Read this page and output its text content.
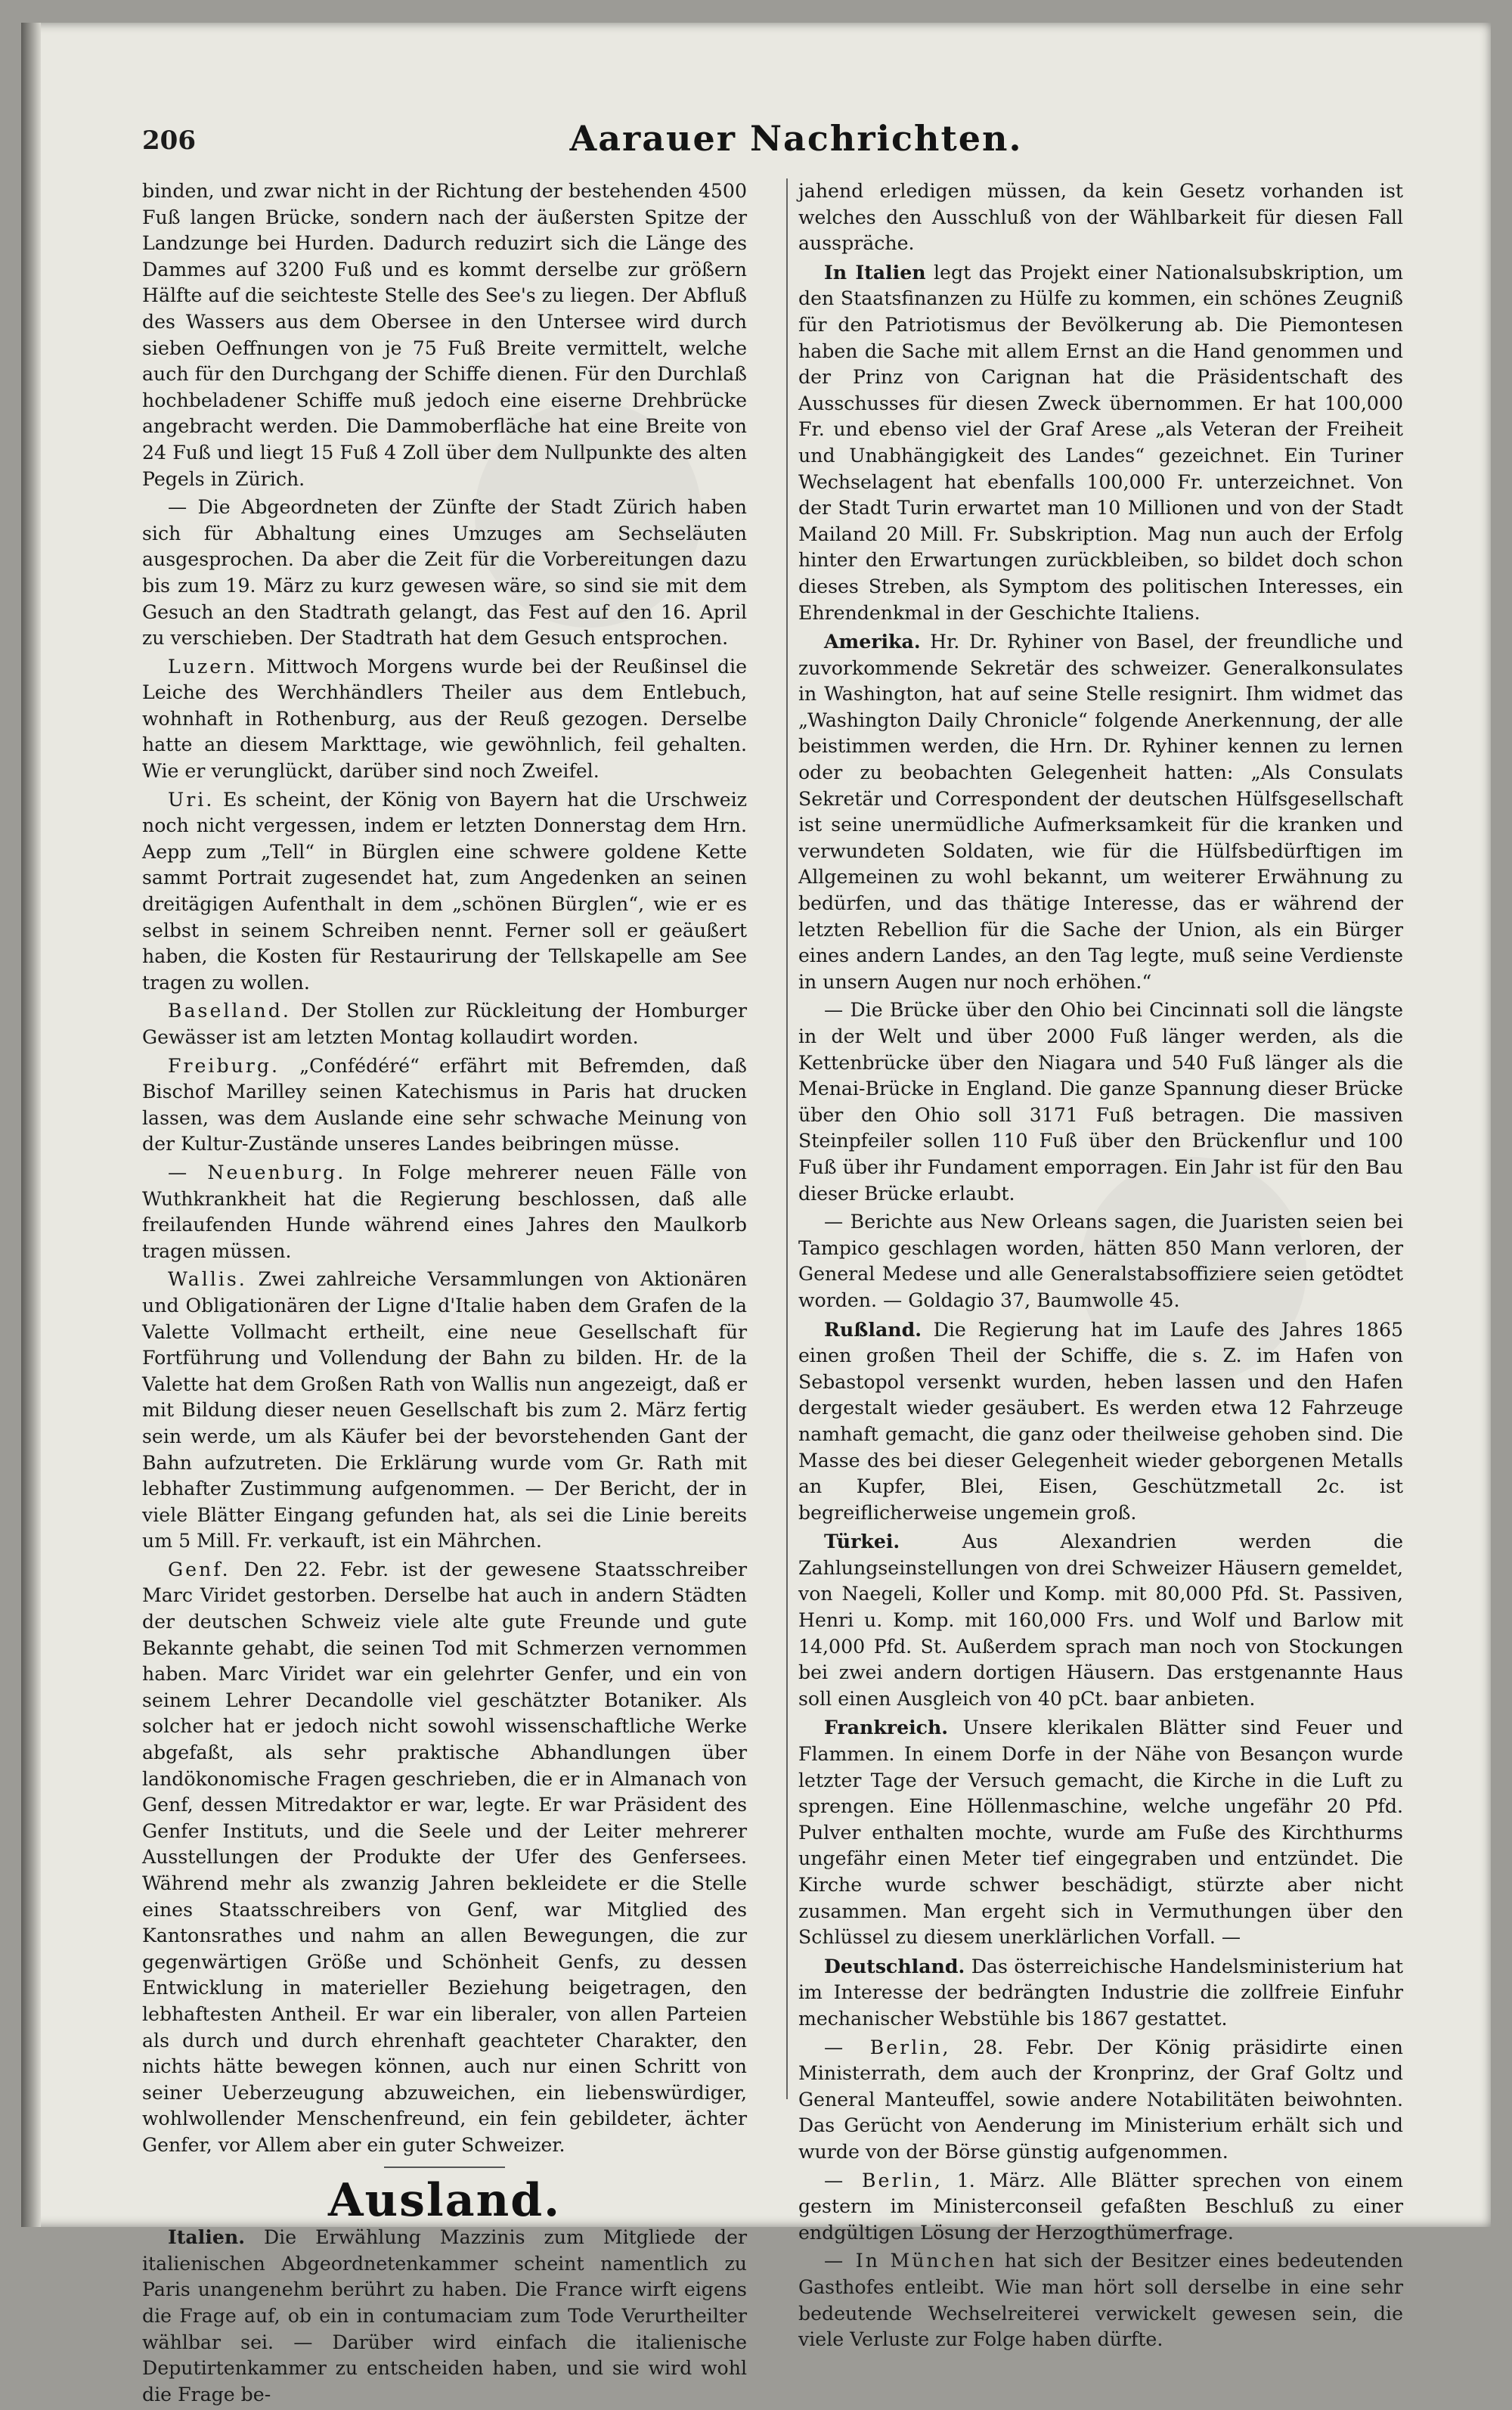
206	Aarauer Nachrichten.

binden, und zwar nicht in der Richtung der bestehenden 4500 Fuß langen Brücke, sondern nach der äußersten Spitze der Landzunge bei Hurden. Dadurch reduzirt sich die Länge des Dammes auf 3200 Fuß und es kommt derselbe zur größern Hälfte auf die seichteste Stelle des See's zu liegen. Der Abfluß des Wassers aus dem Obersee in den Untersee wird durch sieben Oeffnungen von je 75 Fuß Breite vermittelt, welche auch für den Durchgang der Schiffe dienen. Für den Durchlaß hochbeladener Schiffe muß jedoch eine eiserne Drehbrücke angebracht werden. Die Dammoberfläche hat eine Breite von 24 Fuß und liegt 15 Fuß 4 Zoll über dem Nullpunkte des alten Pegels in Zürich.

— Die Abgeordneten der Zünfte der Stadt Zürich haben sich für Abhaltung eines Umzuges am Sechseläuten ausgesprochen. Da aber die Zeit für die Vorbereitungen dazu bis zum 19. März zu kurz gewesen wäre, so sind sie mit dem Gesuch an den Stadtrath gelangt, das Fest auf den 16. April zu verschieben. Der Stadtrath hat dem Gesuch entsprochen.

Luzern. Mittwoch Morgens wurde bei der Reußinsel die Leiche des Werchhändlers Theiler aus dem Entlebuch, wohnhaft in Rothenburg, aus der Reuß gezogen. Derselbe hatte an diesem Markttage, wie gewöhnlich, feil gehalten. Wie er verunglückt, darüber sind noch Zweifel.

Uri. Es scheint, der König von Bayern hat die Urschweiz noch nicht vergessen, indem er letzten Donnerstag dem Hrn. Aepp zum „Tell“ in Bürglen eine schwere goldene Kette sammt Portrait zugesendet hat, zum Angedenken an seinen dreitägigen Aufenthalt in dem „schönen Bürglen“, wie er es selbst in seinem Schreiben nennt. Ferner soll er geäußert haben, die Kosten für Restaurirung der Tellskapelle am See tragen zu wollen.

Baselland. Der Stollen zur Rückleitung der Homburger Gewässer ist am letzten Montag kollaudirt worden.

Freiburg. „Confédéré“ erfährt mit Befremden, daß Bischof Marilley seinen Katechismus in Paris hat drucken lassen, was dem Auslande eine sehr schwache Meinung von der Kultur-Zustände unseres Landes beibringen müsse.

— Neuenburg. In Folge mehrerer neuen Fälle von Wuthkrankheit hat die Regierung beschlossen, daß alle freilaufenden Hunde während eines Jahres den Maulkorb tragen müssen.

Wallis. Zwei zahlreiche Versammlungen von Aktionären und Obligationären der Ligne d'Italie haben dem Grafen de la Valette Vollmacht ertheilt, eine neue Gesellschaft für Fortführung und Vollendung der Bahn zu bilden. Hr. de la Valette hat dem Großen Rath von Wallis nun angezeigt, daß er mit Bildung dieser neuen Gesellschaft bis zum 2. März fertig sein werde, um als Käufer bei der bevorstehenden Gant der Bahn aufzutreten. Die Erklärung wurde vom Gr. Rath mit lebhafter Zustimmung aufgenommen. — Der Bericht, der in viele Blätter Eingang gefunden hat, als sei die Linie bereits um 5 Mill. Fr. verkauft, ist ein Mährchen.

Genf. Den 22. Febr. ist der gewesene Staatsschreiber Marc Viridet gestorben. Derselbe hat auch in andern Städten der deutschen Schweiz viele alte gute Freunde und gute Bekannte gehabt, die seinen Tod mit Schmerzen vernommen haben. Marc Viridet war ein gelehrter Genfer, und ein von seinem Lehrer Decandolle viel geschätzter Botaniker. Als solcher hat er jedoch nicht sowohl wissenschaftliche Werke abgefaßt, als sehr praktische Abhandlungen über landökonomische Fragen geschrieben, die er in Almanach von Genf, dessen Mitredaktor er war, legte. Er war Präsident des Genfer Instituts, und die Seele und der Leiter mehrerer Ausstellungen der Produkte der Ufer des Genfersees. Während mehr als zwanzig Jahren bekleidete er die Stelle eines Staatsschreibers von Genf, war Mitglied des Kantonsrathes und nahm an allen Bewegungen, die zur gegenwärtigen Größe und Schönheit Genfs, zu dessen Entwicklung in materieller Beziehung beigetragen, den lebhaftesten Antheil. Er war ein liberaler, von allen Parteien als durch und durch ehrenhaft geachteter Charakter, den nichts hätte bewegen können, auch nur einen Schritt von seiner Ueberzeugung abzuweichen, ein liebenswürdiger, wohlwollender Menschenfreund, ein fein gebildeter, ächter Genfer, vor Allem aber ein guter Schweizer.

Ausland.

Italien. Die Erwählung Mazzinis zum Mitgliede der italienischen Abgeordnetenkammer scheint namentlich zu Paris unangenehm berührt zu haben. Die France wirft eigens die Frage auf, ob ein in contumaciam zum Tode Verurtheilter wählbar sei. — Darüber wird einfach die italienische Deputirtenkammer zu entscheiden haben, und sie wird wohl die Frage be-

jahend erledigen müssen, da kein Gesetz vorhanden ist welches den Ausschluß von der Wählbarkeit für diesen Fall ausspräche.

In Italien legt das Projekt einer Nationalsubskription, um den Staatsfinanzen zu Hülfe zu kommen, ein schönes Zeugniß für den Patriotismus der Bevölkerung ab. Die Piemontesen haben die Sache mit allem Ernst an die Hand genommen und der Prinz von Carignan hat die Präsidentschaft des Ausschusses für diesen Zweck übernommen. Er hat 100,000 Fr. und ebenso viel der Graf Arese „als Veteran der Freiheit und Unabhängigkeit des Landes“ gezeichnet. Ein Turiner Wechselagent hat ebenfalls 100,000 Fr. unterzeichnet. Von der Stadt Turin erwartet man 10 Millionen und von der Stadt Mailand 20 Mill. Fr. Subskription. Mag nun auch der Erfolg hinter den Erwartungen zurückbleiben, so bildet doch schon dieses Streben, als Symptom des politischen Interesses, ein Ehrendenkmal in der Geschichte Italiens.

Amerika. Hr. Dr. Ryhiner von Basel, der freundliche und zuvorkommende Sekretär des schweizer. Generalkonsulates in Washington, hat auf seine Stelle resignirt. Ihm widmet das „Washington Daily Chronicle“ folgende Anerkennung, der alle beistimmen werden, die Hrn. Dr. Ryhiner kennen zu lernen oder zu beobachten Gelegenheit hatten: „Als Consulats Sekretär und Correspondent der deutschen Hülfsgesellschaft ist seine unermüdliche Aufmerksamkeit für die kranken und verwundeten Soldaten, wie für die Hülfsbedürftigen im Allgemeinen zu wohl bekannt, um weiterer Erwähnung zu bedürfen, und das thätige Interesse, das er während der letzten Rebellion für die Sache der Union, als ein Bürger eines andern Landes, an den Tag legte, muß seine Verdienste in unsern Augen nur noch erhöhen.“

— Die Brücke über den Ohio bei Cincinnati soll die längste in der Welt und über 2000 Fuß länger werden, als die Kettenbrücke über den Niagara und 540 Fuß länger als die Menai-Brücke in England. Die ganze Spannung dieser Brücke über den Ohio soll 3171 Fuß betragen. Die massiven Steinpfeiler sollen 110 Fuß über den Brückenflur und 100 Fuß über ihr Fundament emporragen. Ein Jahr ist für den Bau dieser Brücke erlaubt.

— Berichte aus New Orleans sagen, die Juaristen seien bei Tampico geschlagen worden, hätten 850 Mann verloren, der General Medese und alle Generalstabsoffiziere seien getödtet worden. — Goldagio 37, Baumwolle 45.

Rußland. Die Regierung hat im Laufe des Jahres 1865 einen großen Theil der Schiffe, die s. Z. im Hafen von Sebastopol versenkt wurden, heben lassen und den Hafen dergestalt wieder gesäubert. Es werden etwa 12 Fahrzeuge namhaft gemacht, die ganz oder theilweise gehoben sind. Die Masse des bei dieser Gelegenheit wieder geborgenen Metalls an Kupfer, Blei, Eisen, Geschützmetall 2c. ist begreiflicherweise ungemein groß.

Türkei. Aus Alexandrien werden die Zahlungseinstellungen von drei Schweizer Häusern gemeldet, von Naegeli, Koller und Komp. mit 80,000 Pfd. St. Passiven, Henri u. Komp. mit 160,000 Frs. und Wolf und Barlow mit 14,000 Pfd. St. Außerdem sprach man noch von Stockungen bei zwei andern dortigen Häusern. Das erstgenannte Haus soll einen Ausgleich von 40 pCt. baar anbieten.

Frankreich. Unsere klerikalen Blätter sind Feuer und Flammen. In einem Dorfe in der Nähe von Besançon wurde letzter Tage der Versuch gemacht, die Kirche in die Luft zu sprengen. Eine Höllenmaschine, welche ungefähr 20 Pfd. Pulver enthalten mochte, wurde am Fuße des Kirchthurms ungefähr einen Meter tief eingegraben und entzündet. Die Kirche wurde schwer beschädigt, stürzte aber nicht zusammen. Man ergeht sich in Vermuthungen über den Schlüssel zu diesem unerklärlichen Vorfall. —

Deutschland. Das österreichische Handelsministerium hat im Interesse der bedrängten Industrie die zollfreie Einfuhr mechanischer Webstühle bis 1867 gestattet.

— Berlin, 28. Febr. Der König präsidirte einen Ministerrath, dem auch der Kronprinz, der Graf Goltz und General Manteuffel, sowie andere Notabilitäten beiwohnten. Das Gerücht von Aenderung im Ministerium erhält sich und wurde von der Börse günstig aufgenommen.

— Berlin, 1. März. Alle Blätter sprechen von einem gestern im Ministerconseil gefaßten Beschluß zu einer endgültigen Lösung der Herzogthümerfrage.

— In München hat sich der Besitzer eines bedeutenden Gasthofes entleibt. Wie man hört soll derselbe in eine sehr bedeutende Wechselreiterei verwickelt gewesen sein, die viele Verluste zur Folge haben dürfte.
